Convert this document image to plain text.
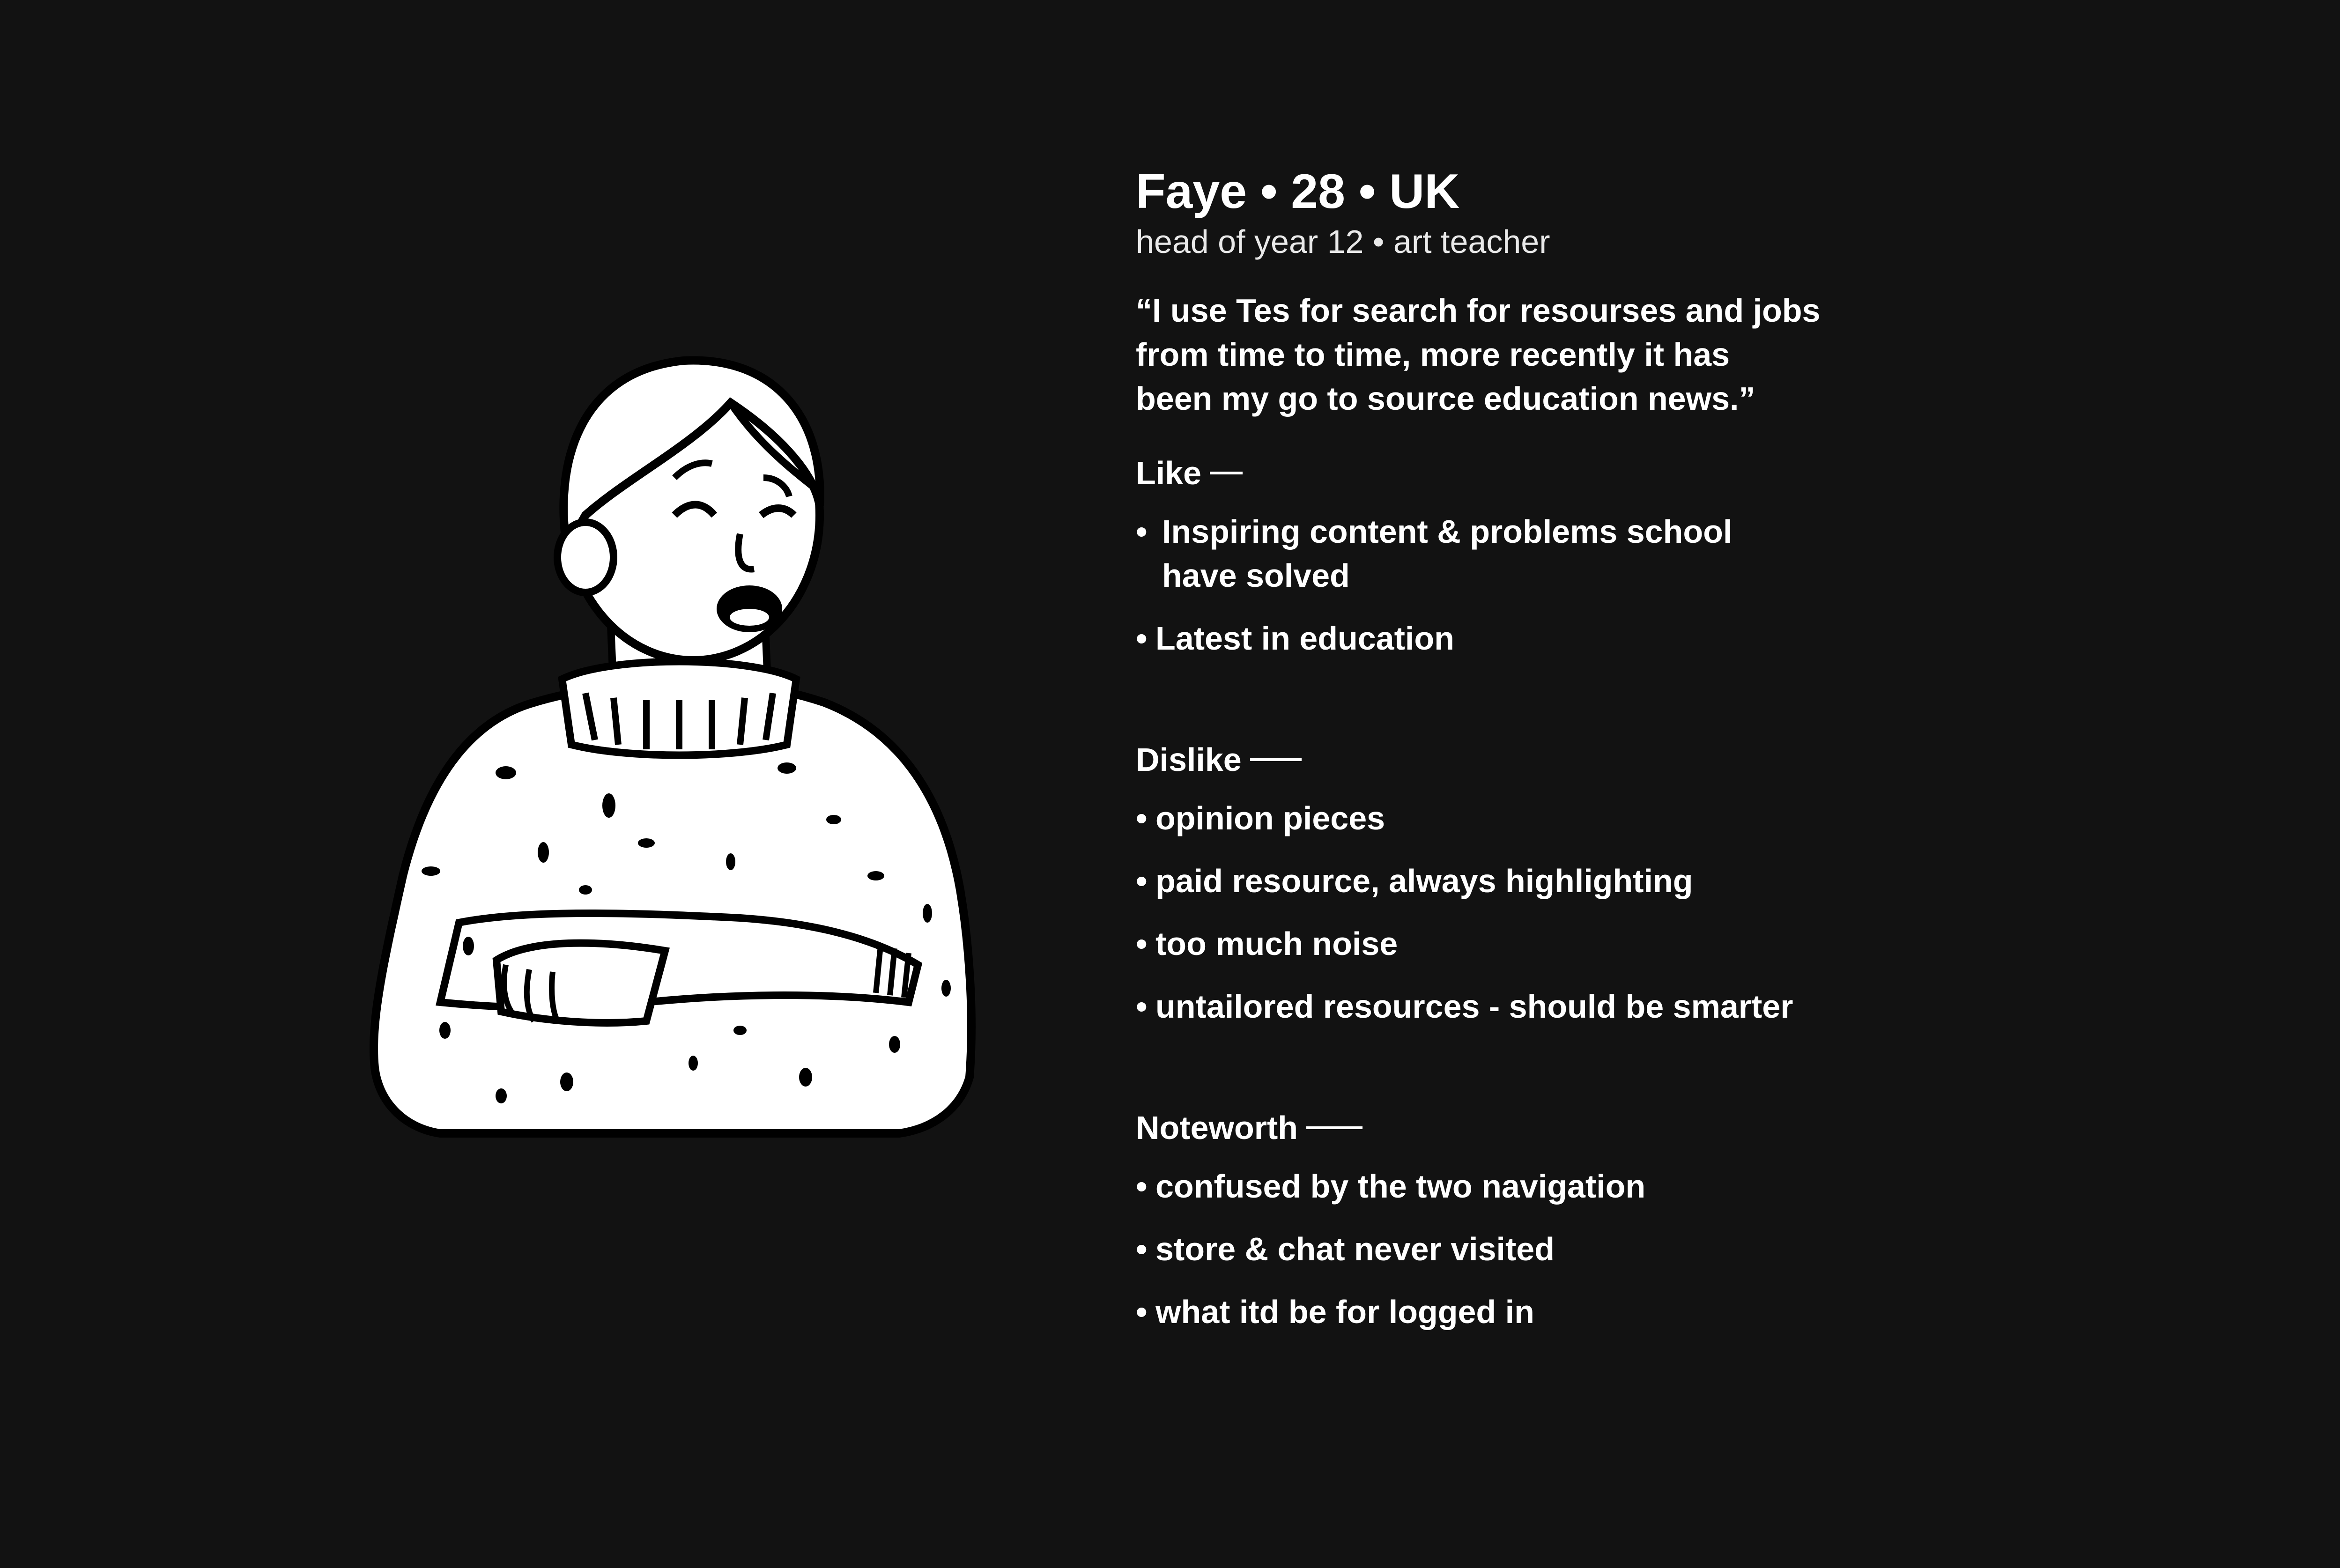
Faye • 28 • UK

head of year 12 • art teacher

“I use Tes for search for resourses and jobs
from time to time, more recently it has
been my go to source education news.”
Like
• Inspiring content & problems school
have solved
• Latest in education
Dislike
• opinion pieces
• paid resource, always highlighting
• too much noise
• untailored resources - should be smarter
Noteworth
• confused by the two navigation
• store & chat never visited
• what itd be for logged in
